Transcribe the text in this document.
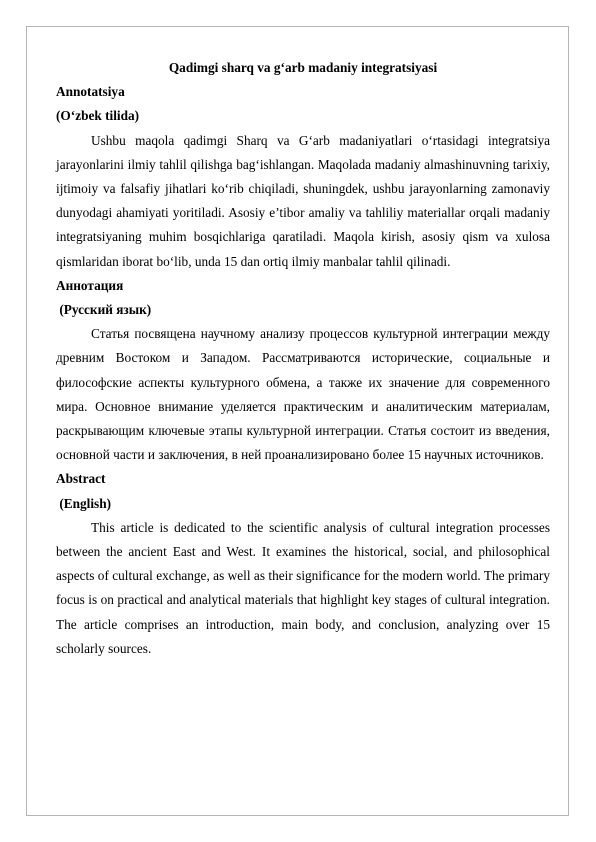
Qadimgi sharq va g‘arb madaniy integratsiyasi

Annotatsiya

(O‘zbek tilida)

Ushbu maqola qadimgi Sharq va G‘arb madaniyatlari o‘rtasidagi integratsiya jarayonlarini ilmiy tahlil qilishga bag‘ishlangan. Maqolada madaniy almashinuvning tarixiy, ijtimoiy va falsafiy jihatlari ko‘rib chiqiladi, shuningdek, ushbu jarayonlarning zamonaviy dunyodagi ahamiyati yoritiladi. Asosiy e’tibor amaliy va tahliliy materiallar orqali madaniy integratsiyaning muhim bosqichlariga qaratiladi. Maqola kirish, asosiy qism va xulosa qismlaridan iborat bo‘lib, unda 15 dan ortiq ilmiy manbalar tahlil qilinadi.

Аннотация

(Русский язык)

Статья посвящена научному анализу процессов культурной интеграции между древним Востоком и Западом. Рассматриваются исторические, социальные и философские аспекты культурного обмена, а также их значение для современного мира. Основное внимание уделяется практическим и аналитическим материалам, раскрывающим ключевые этапы культурной интеграции. Статья состоит из введения, основной части и заключения, в ней проанализировано более 15 научных источников.

Abstract

(English)

This article is dedicated to the scientific analysis of cultural integration processes between the ancient East and West. It examines the historical, social, and philosophical aspects of cultural exchange, as well as their significance for the modern world. The primary focus is on practical and analytical materials that highlight key stages of cultural integration. The article comprises an introduction, main body, and conclusion, analyzing over 15 scholarly sources.
